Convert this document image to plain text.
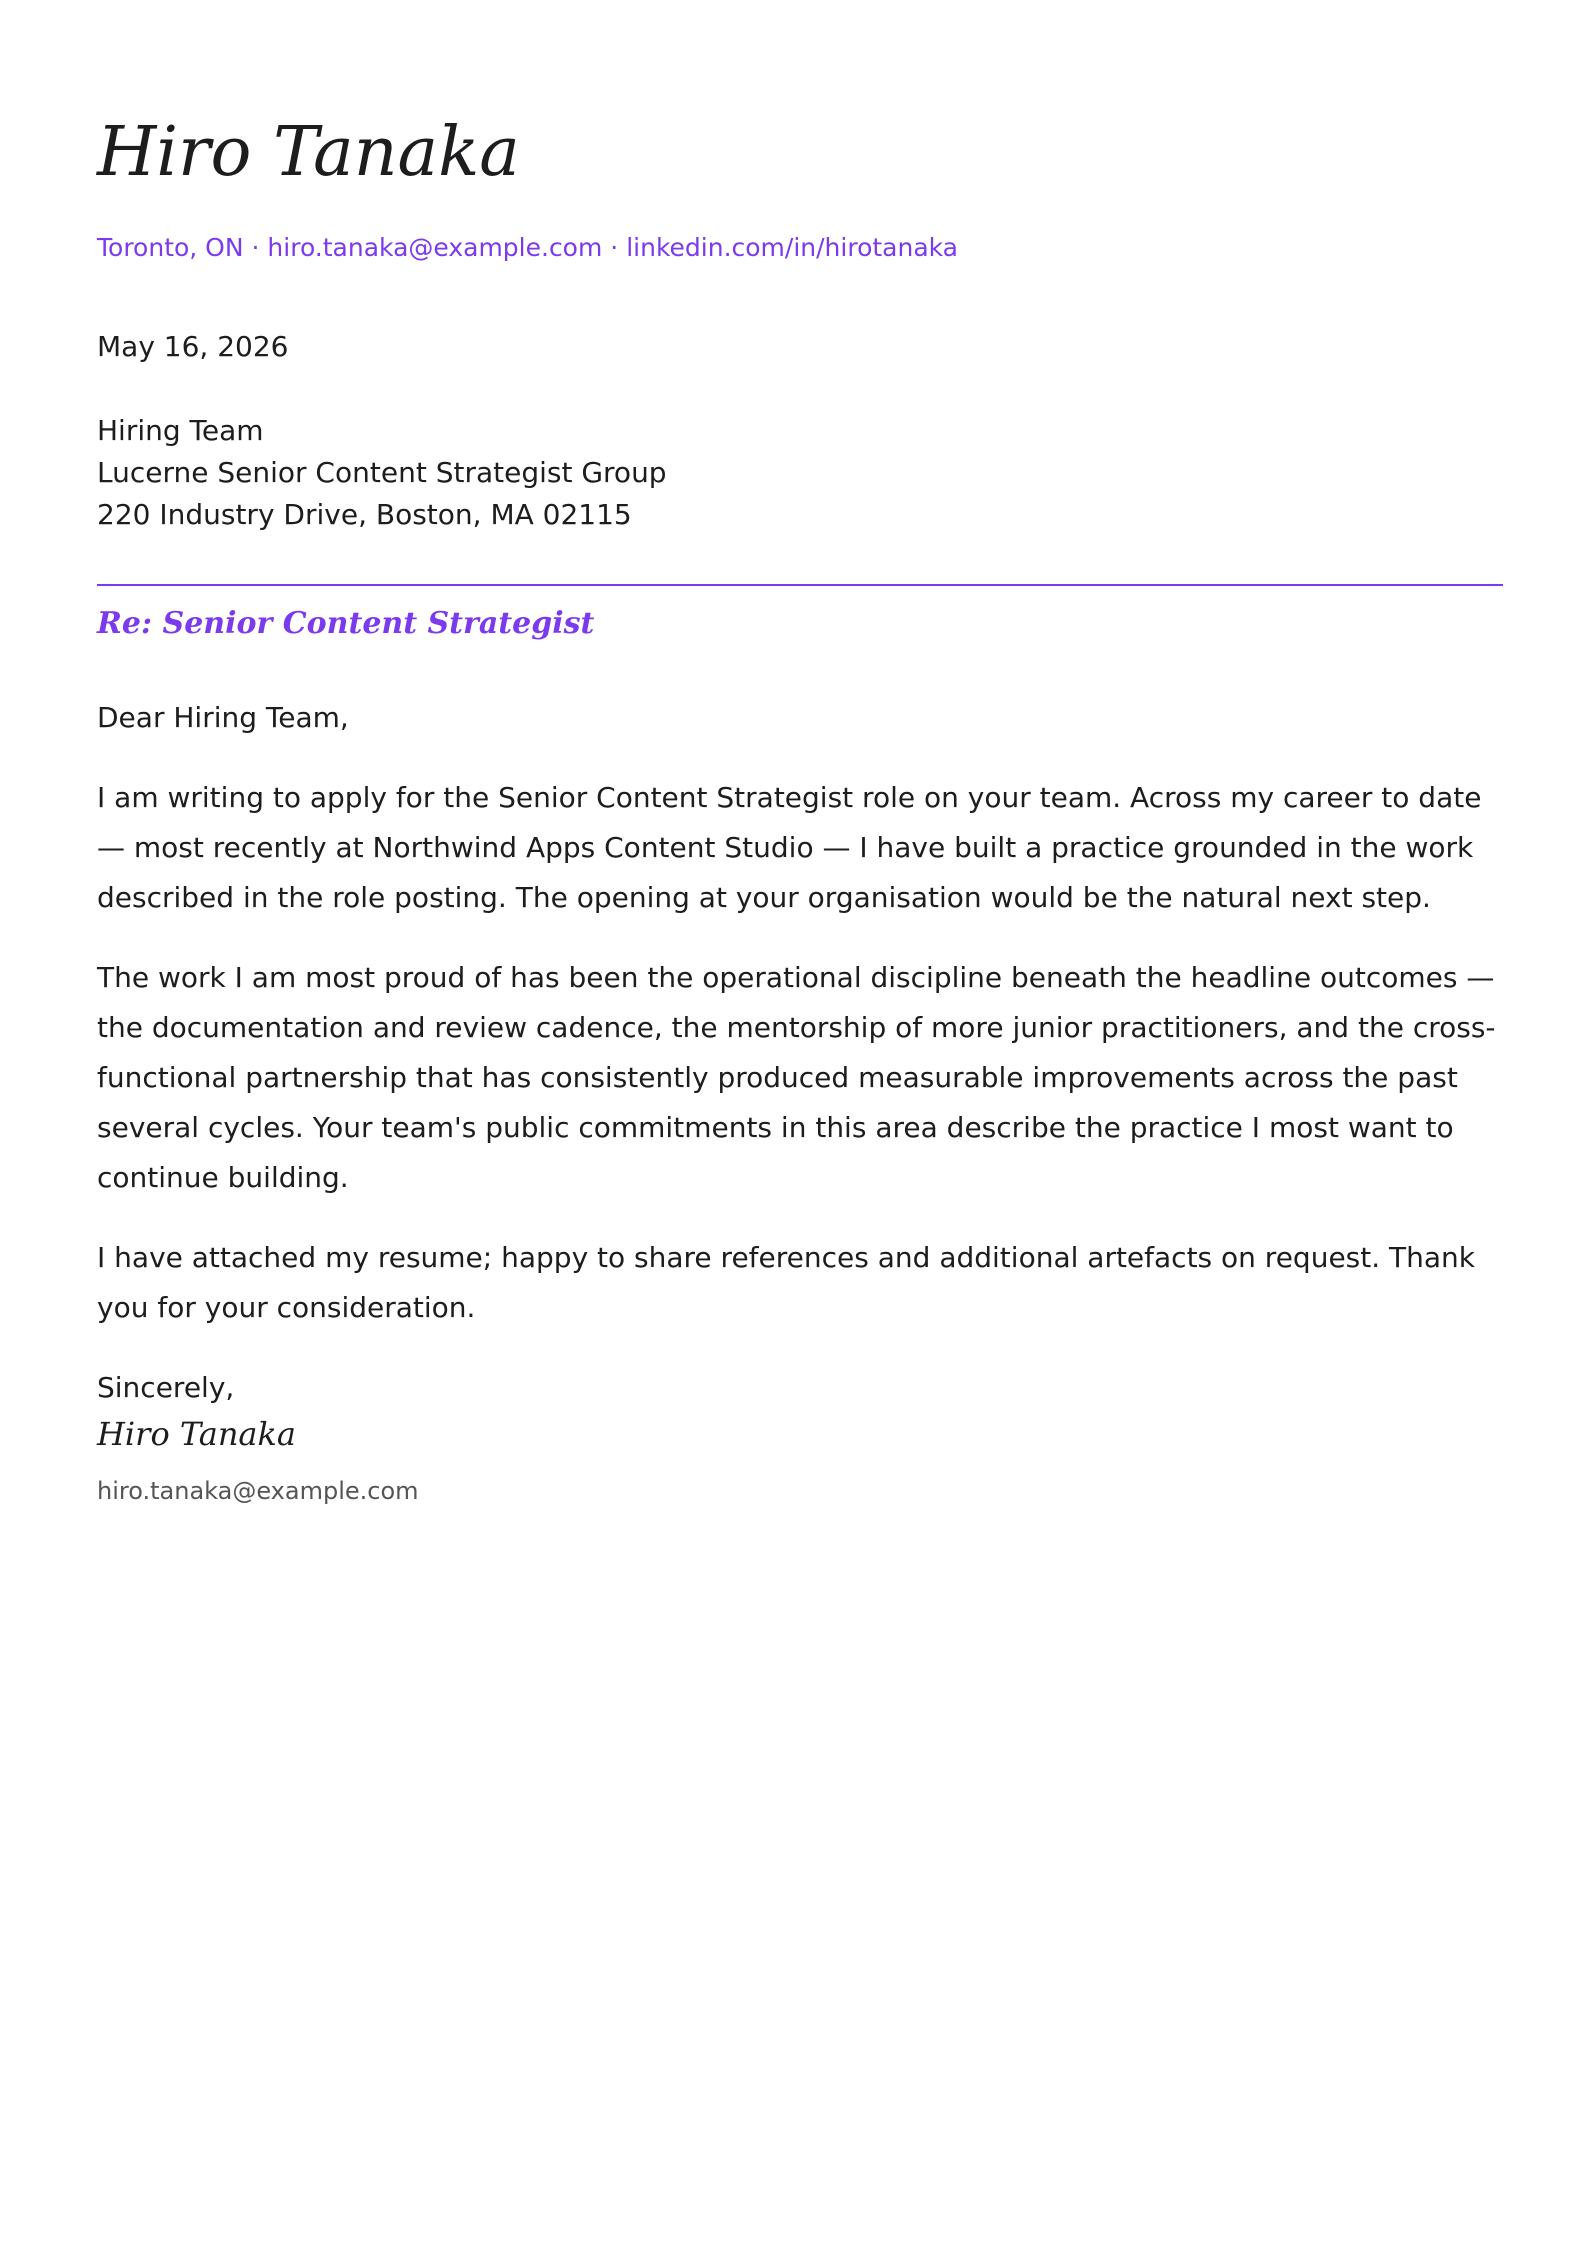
Hiro Tanaka
Toronto, ON · hiro.tanaka@example.com · linkedin.com/in/hirotanaka
May 16, 2026
Hiring Team
Lucerne Senior Content Strategist Group
220 Industry Drive, Boston, MA 02115
Re: Senior Content Strategist

Dear Hiring Team,

I am writing to apply for the Senior Content Strategist role on your team. Across my career to date — most recently at Northwind Apps Content Studio — I have built a practice grounded in the work described in the role posting. The opening at your organisation would be the natural next step.

The work I am most proud of has been the operational discipline beneath the headline outcomes — the documentation and review cadence, the mentorship of more junior practitioners, and the cross-functional partnership that has consistently produced measurable improvements across the past several cycles. Your team's public commitments in this area describe the practice I most want to continue building.

I have attached my resume; happy to share references and additional artefacts on request. Thank you for your consideration.

Sincerely,

Hiro Tanaka
hiro.tanaka@example.com
